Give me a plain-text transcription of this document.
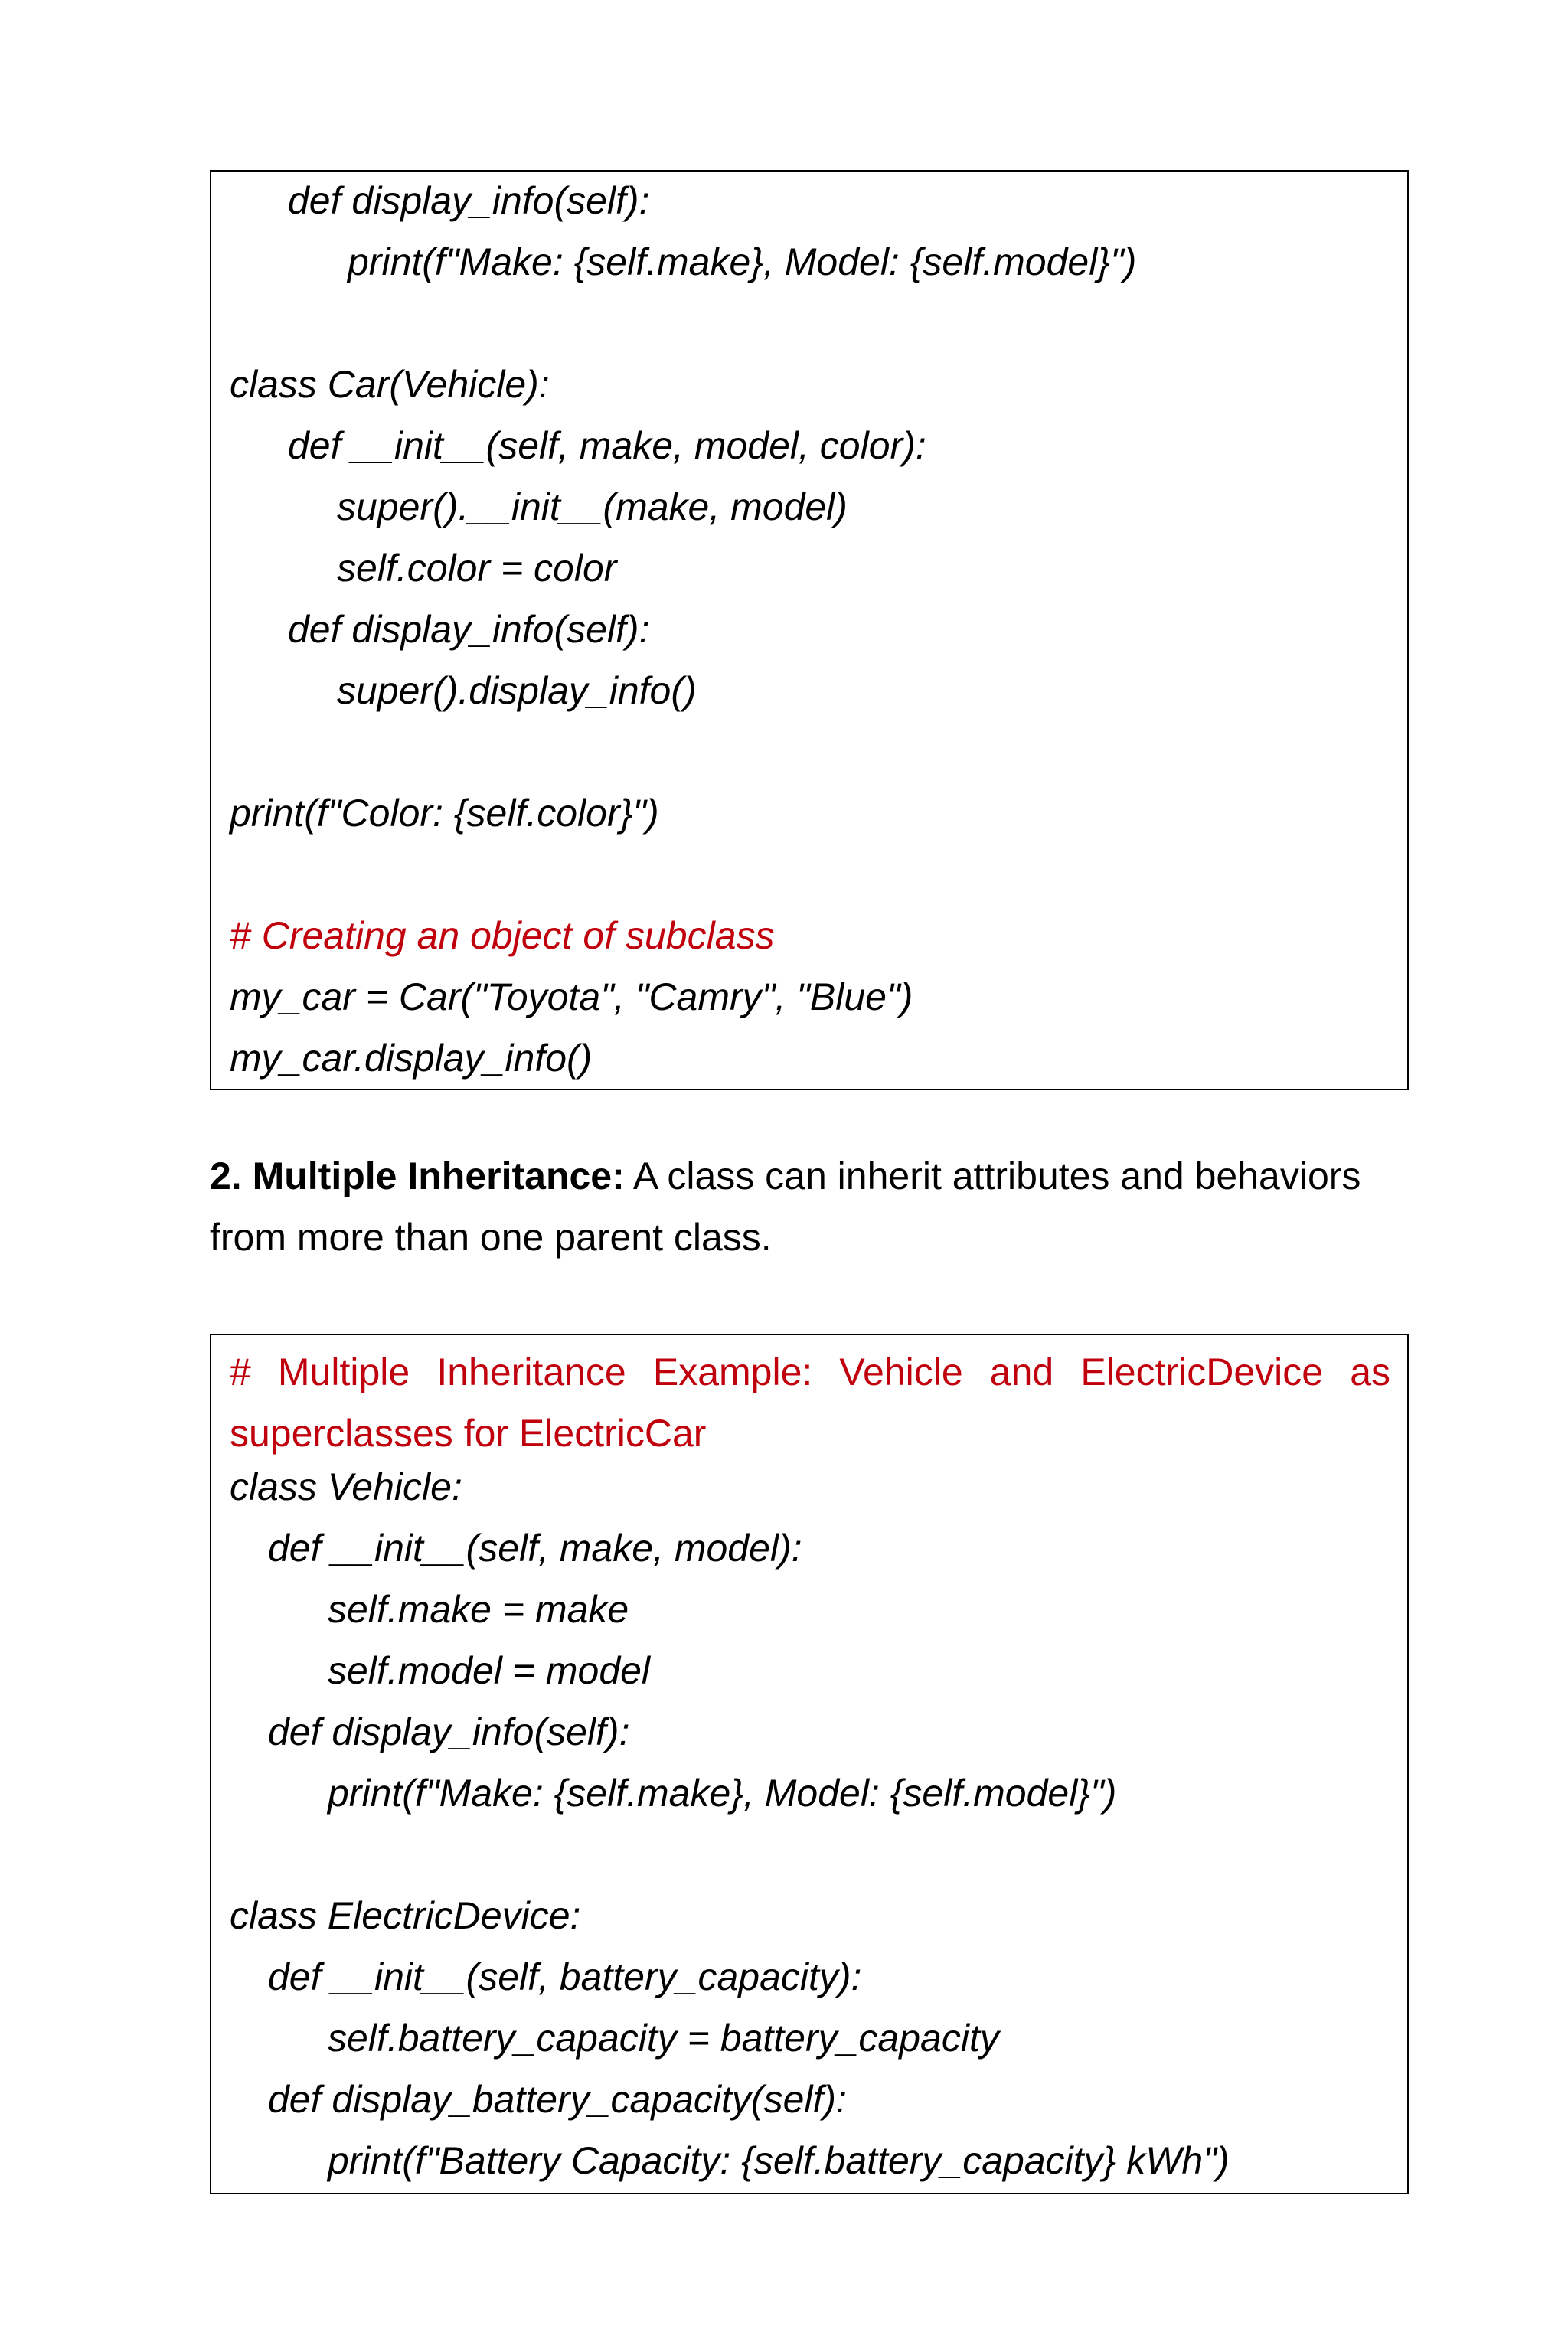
def display_info(self):
print(f"Make: {self.make}, Model: {self.model}")
class Car(Vehicle):
def __init__(self, make, model, color):
super().__init__(make, model)
self.color = color
def display_info(self):
super().display_info()
print(f"Color: {self.color}")
# Creating an object of subclass
my_car = Car("Toyota", "Camry", "Blue")
my_car.display_info()
2. Multiple Inheritance: A class can inherit attributes and behaviors from more than one parent class.
# Multiple Inheritance Example: Vehicle and ElectricDevice as superclasses for ElectricCar
class Vehicle:
def __init__(self, make, model):
self.make = make
self.model = model
def display_info(self):
print(f"Make: {self.make}, Model: {self.model}")
class ElectricDevice:
def __init__(self, battery_capacity):
self.battery_capacity = battery_capacity
def display_battery_capacity(self):
print(f"Battery Capacity: {self.battery_capacity} kWh")
